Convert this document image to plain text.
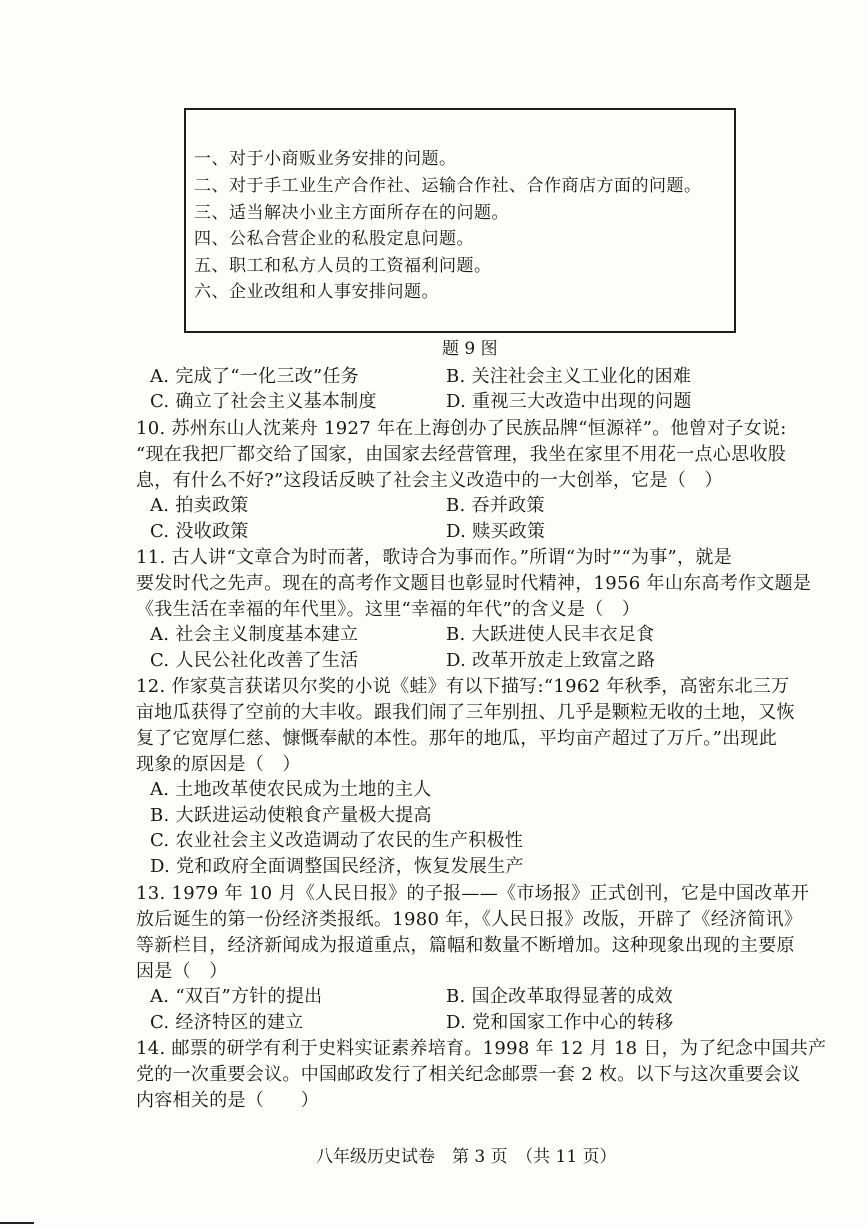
一、对于小商贩业务安排的问题。
二、对于手工业生产合作社、运输合作社、合作商店方面的问题。
三、适当解决小业主方面所存在的问题。
四、公私合营企业的私股定息问题。
五、职工和私方人员的工资福利问题。
六、企业改组和人事安排问题。
题 9 图
A. 完成了“一化三改”任务	B. 关注社会主义工业化的困难
C. 确立了社会主义基本制度	D. 重视三大改造中出现的问题
10. 苏州东山人沈莱舟 1927 年在上海创办了民族品牌“恒源祥”。他曾对子女说:
“现在我把厂都交给了国家，由国家去经营管理，我坐在家里不用花一点心思收股
息，有什么不好?”这段话反映了社会主义改造中的一大创举，它是（　）
A. 拍卖政策	B. 吞并政策
C. 没收政策	D. 赎买政策
11. 古人讲“文章合为时而著，歌诗合为事而作。”所谓“为时”“为事”，就是
要发时代之先声。现在的高考作文题目也彰显时代精神，1956 年山东高考作文题是
《我生活在幸福的年代里》。这里“幸福的年代”的含义是（　）
A. 社会主义制度基本建立	B. 大跃进使人民丰衣足食
C. 人民公社化改善了生活	D. 改革开放走上致富之路
12. 作家莫言获诺贝尔奖的小说《蛙》有以下描写:“1962 年秋季，高密东北三万
亩地瓜获得了空前的大丰收。跟我们闹了三年别扭、几乎是颗粒无收的土地，又恢
复了它宽厚仁慈、慷慨奉献的本性。那年的地瓜，平均亩产超过了万斤。”出现此
现象的原因是（　）
A. 土地改革使农民成为土地的主人
B. 大跃进运动使粮食产量极大提高
C. 农业社会主义改造调动了农民的生产积极性
D. 党和政府全面调整国民经济，恢复发展生产
13. 1979 年 10 月《人民日报》的子报——《市场报》正式创刊，它是中国改革开
放后诞生的第一份经济类报纸。1980 年，《人民日报》改版，开辟了《经济简讯》
等新栏目，经济新闻成为报道重点，篇幅和数量不断增加。这种现象出现的主要原
因是（　）
A. “双百”方针的提出	B. 国企改革取得显著的成效
C. 经济特区的建立	D. 党和国家工作中心的转移
14. 邮票的研学有利于史料实证素养培育。1998 年 12 月 18 日，为了纪念中国共产
党的一次重要会议。中国邮政发行了相关纪念邮票一套 2 枚。以下与这次重要会议
内容相关的是（　　）
八年级历史试卷　第 3 页　（共 11 页）
